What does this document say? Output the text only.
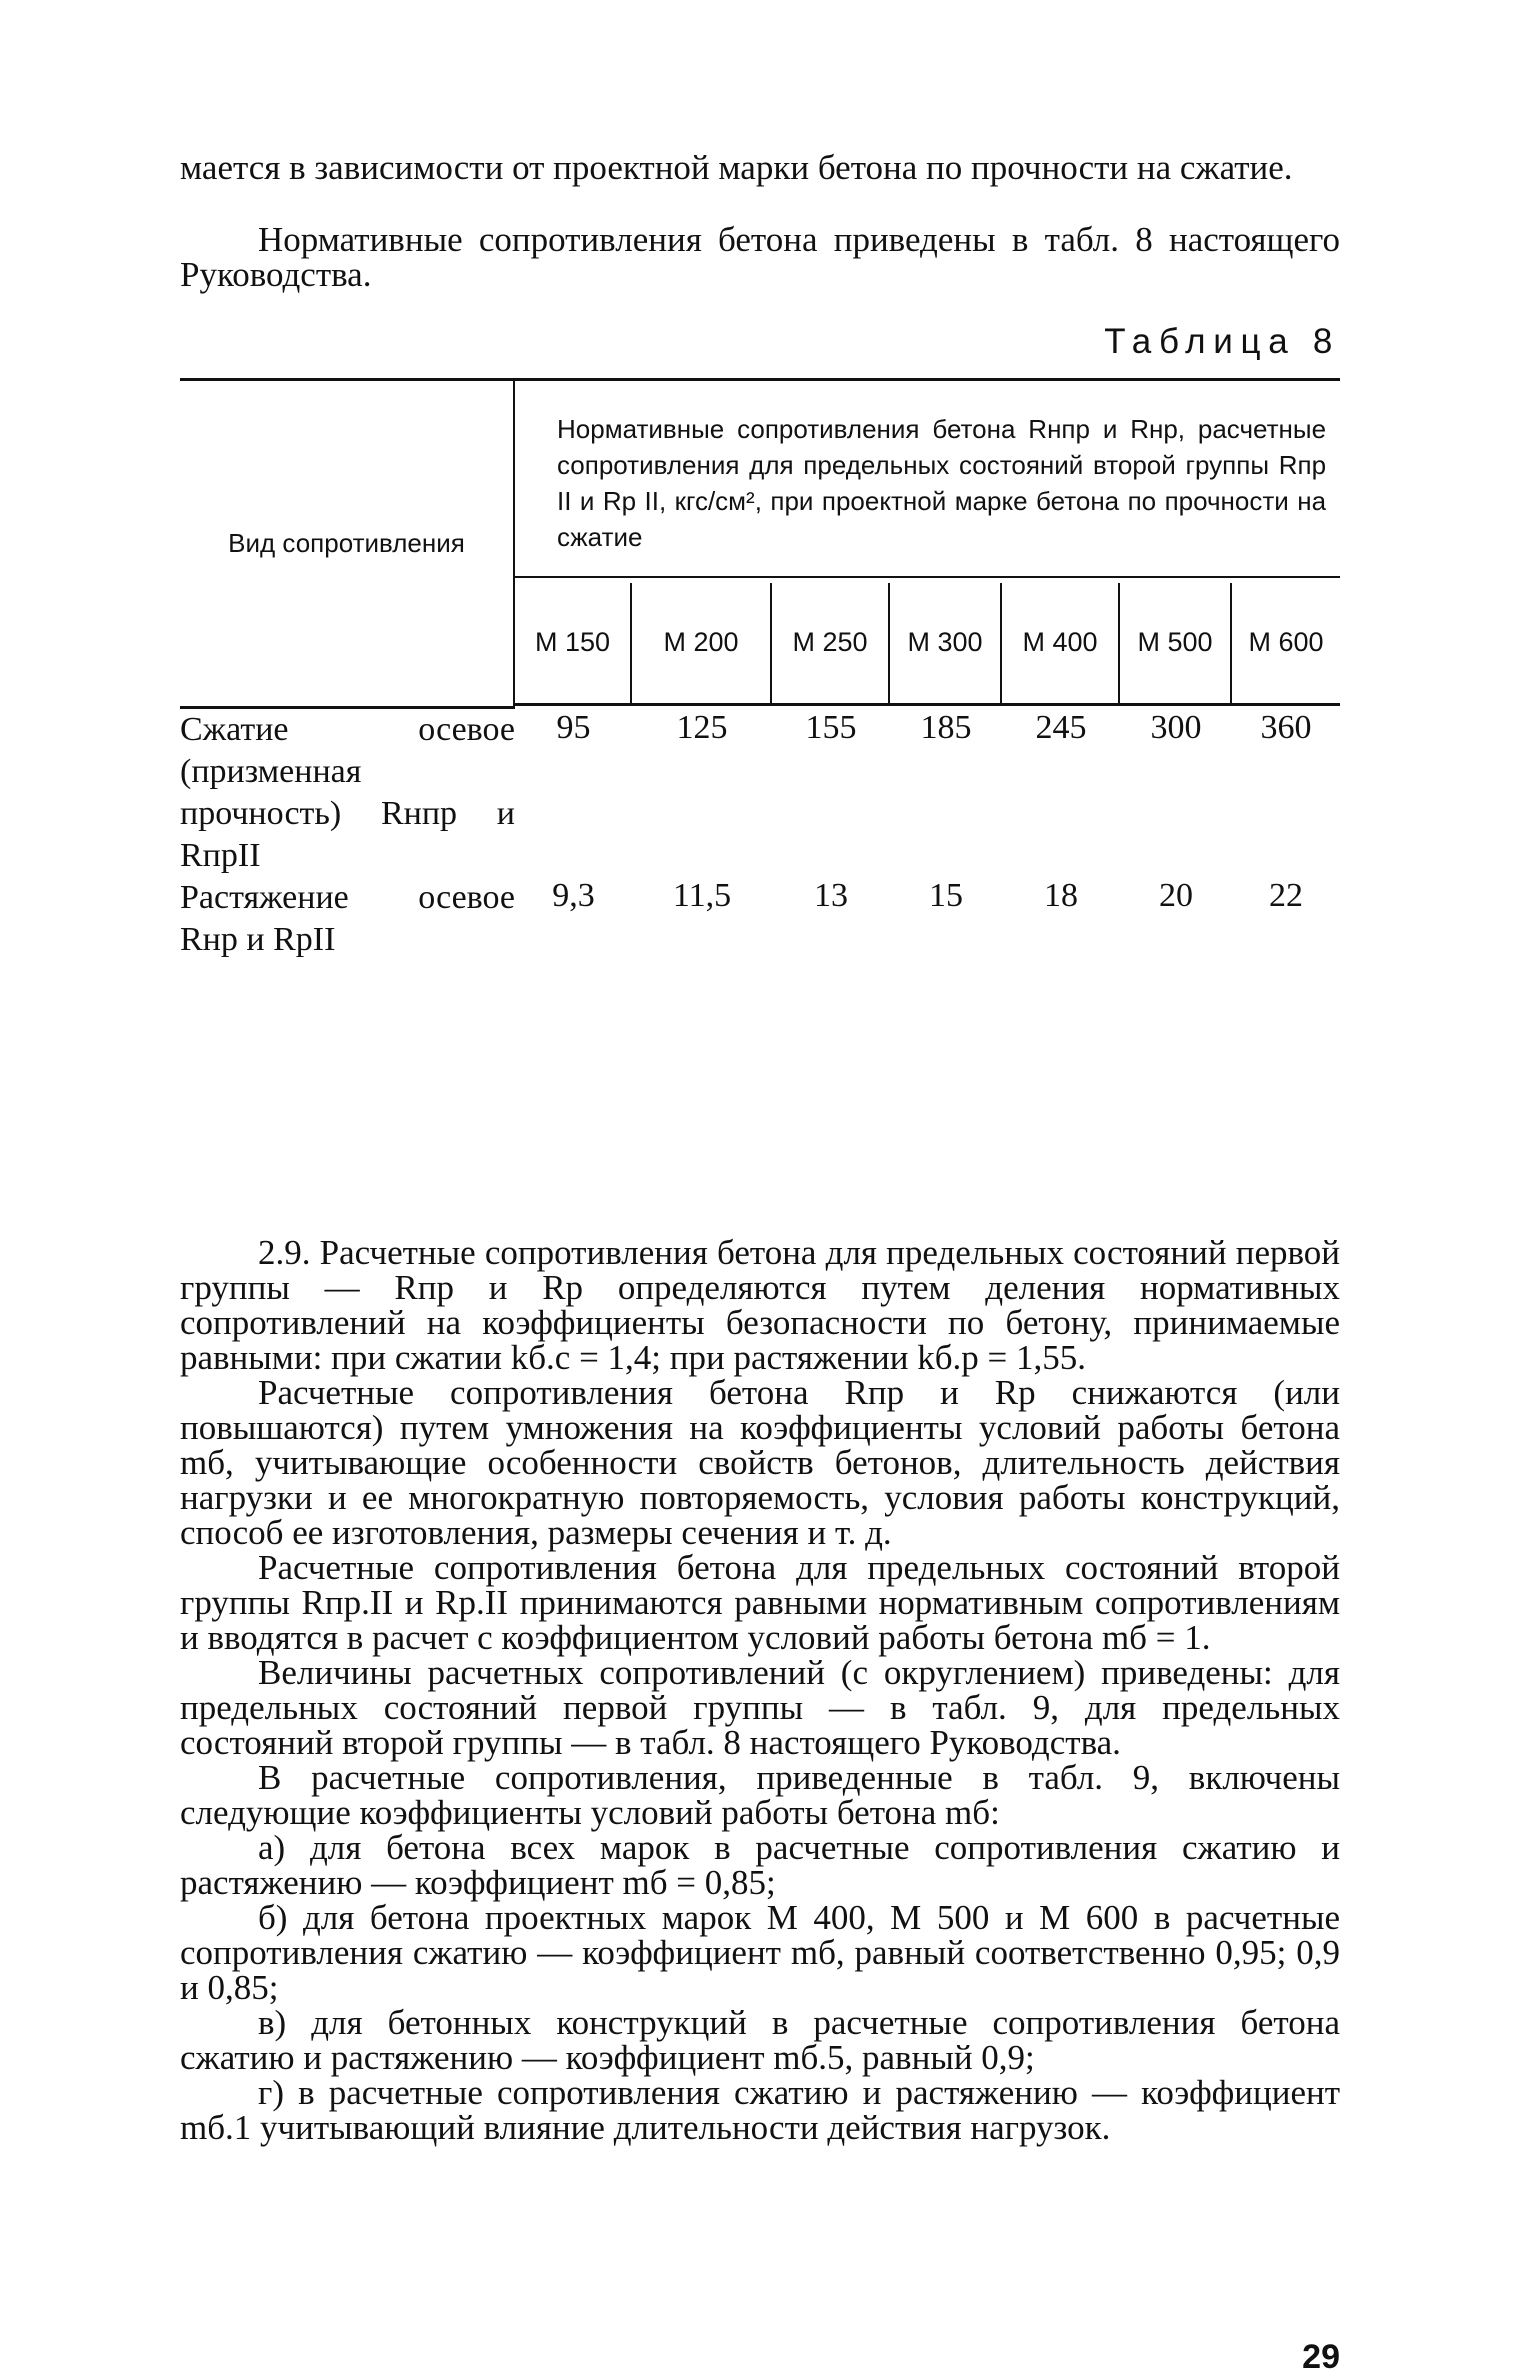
мается в зависимости от проектной марки бетона по прочности на сжатие.

Нормативные сопротивления бетона приведены в табл. 8 настоящего Руководства.

Таблица 8
Вид сопротивления	Нормативные сопротивления бетона Rнпр и Rнр, расчетные сопротивления для предельных состояний второй группы Rпр II и Rр II, кгс/см², при проектной марке бетона по прочности на сжатие						

М 150	М 200	М 250	М 300	М 400	М 500	М 600

Сжатие осевое (призменная прочность) Rнпр и RпрII	95	125	155	185	245	300	360
Растяжение осевое Rнр и RрII	9,3	11,5	13	15	18	20	22

2.9. Расчетные сопротивления бетона для предельных состояний первой группы — Rпр и Rр определяются путем деления нормативных сопротивлений на коэффициенты безопасности по бетону, принимаемые равными: при сжатии kб.с = 1,4; при растяжении kб.р = 1,55.

Расчетные сопротивления бетона Rпр и Rр снижаются (или повышаются) путем умножения на коэффициенты условий работы бетона mб, учитывающие особенности свойств бетонов, длительность действия нагрузки и ее многократную повторяемость, условия работы конструкций, способ ее изготовления, размеры сечения и т. д.

Расчетные сопротивления бетона для предельных состояний второй группы Rпр.II и Rр.II принимаются равными нормативным сопротивлениям и вводятся в расчет с коэффициентом условий работы бетона mб = 1.

Величины расчетных сопротивлений (с округлением) приведены: для предельных состояний первой группы — в табл. 9, для предельных состояний второй группы — в табл. 8 настоящего Руководства.

В расчетные сопротивления, приведенные в табл. 9, включены следующие коэффициенты условий работы бетона mб:

а) для бетона всех марок в расчетные сопротивления сжатию и растяжению — коэффициент mб = 0,85;

б) для бетона проектных марок М 400, М 500 и М 600 в расчетные сопротивления сжатию — коэффициент mб, равный соответственно 0,95; 0,9 и 0,85;

в) для бетонных конструкций в расчетные сопротивления бетона сжатию и растяжению — коэффициент mб.5, равный 0,9;

г) в расчетные сопротивления сжатию и растяжению — коэффициент mб.1 учитывающий влияние длительности действия нагрузок.

29
